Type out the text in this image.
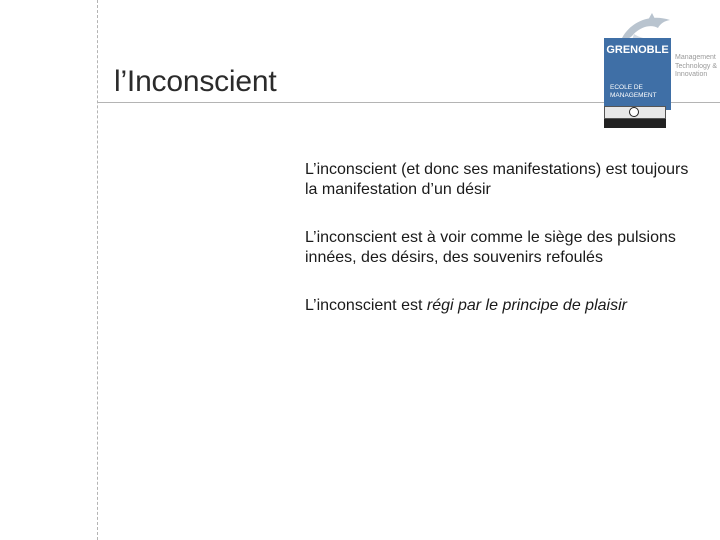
l’Inconscient
GRENOBLE
ECOLE DE
MANAGEMENT
Management
Technology &
Innovation

L’inconscient (et donc ses manifestations) est toujours la manifestation d’un désir

L’inconscient est à voir comme le siège des pulsions innées, des désirs, des souvenirs refoulés

L’inconscient est régi par le principe de plaisir
